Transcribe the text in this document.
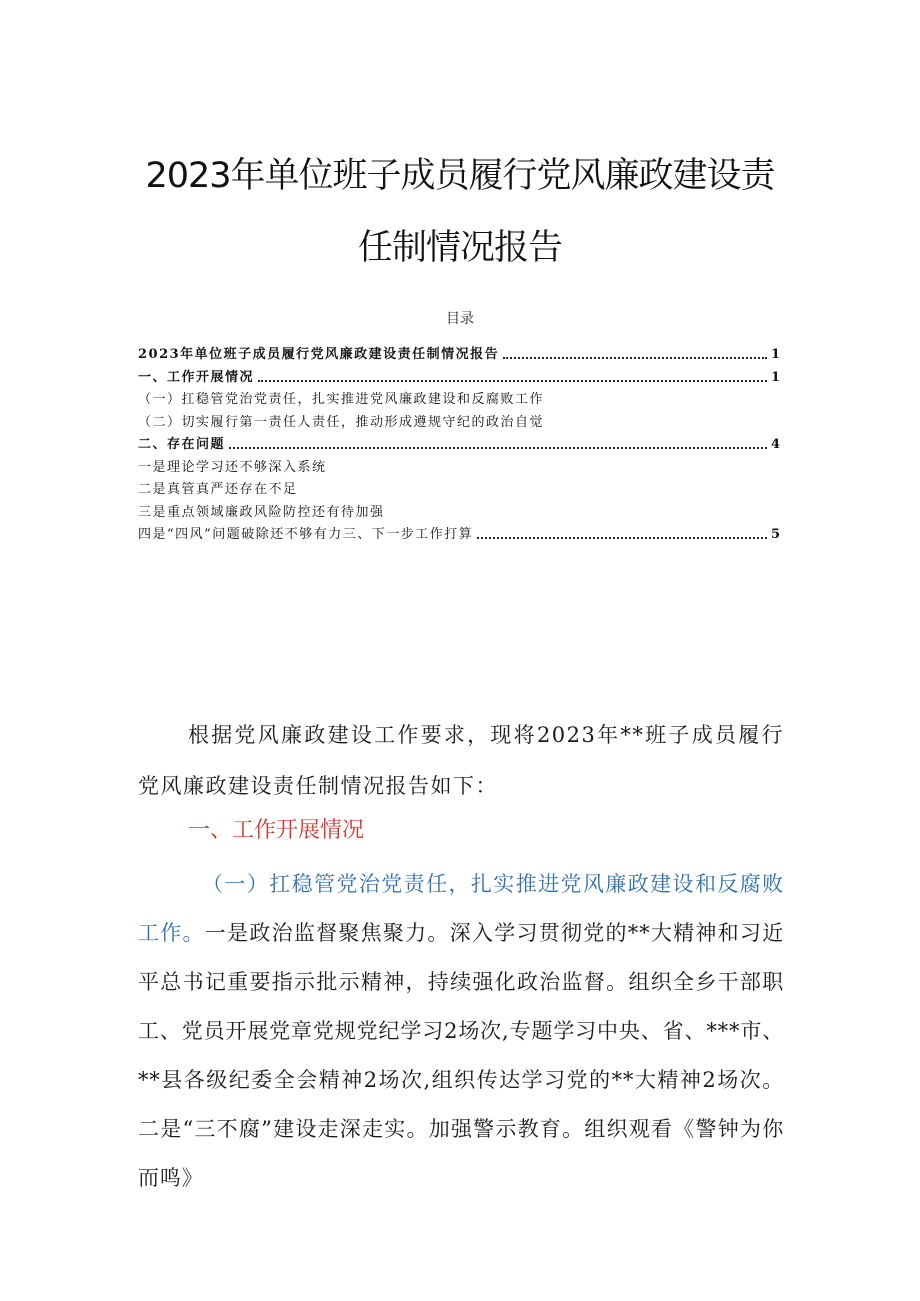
2023年单位班子成员履行党风廉政建设责
任制情况报告
目录
2023年单位班子成员履行党风廉政建设责任制情况报告	1
一、工作开展情况	1
（一）扛稳管党治党责任，扎实推进党风廉政建设和反腐败工作
（二）切实履行第一责任人责任，推动形成遵规守纪的政治自觉
二、存在问题	4
一是理论学习还不够深入系统
二是真管真严还存在不足
三是重点领域廉政风险防控还有待加强
四是“四风”问题破除还不够有力三、下一步工作打算	5
根据党风廉政建设工作要求，现将2023年**班子成员履行党风廉政建设责任制情况报告如下：
一、工作开展情况
（一）扛稳管党治党责任，扎实推进党风廉政建设和反腐败工作。一是政治监督聚焦聚力。深入学习贯彻党的**大精神和习近平总书记重要指示批示精神，持续强化政治监督。组织全乡干部职工、党员开展党章党规党纪学习2场次,专题学习中央、省、***市、**县各级纪委全会精神2场次,组织传达学习党的**大精神2场次。二是“三不腐”建设走深走实。加强警示教育。组织观看《警钟为你而鸣》
